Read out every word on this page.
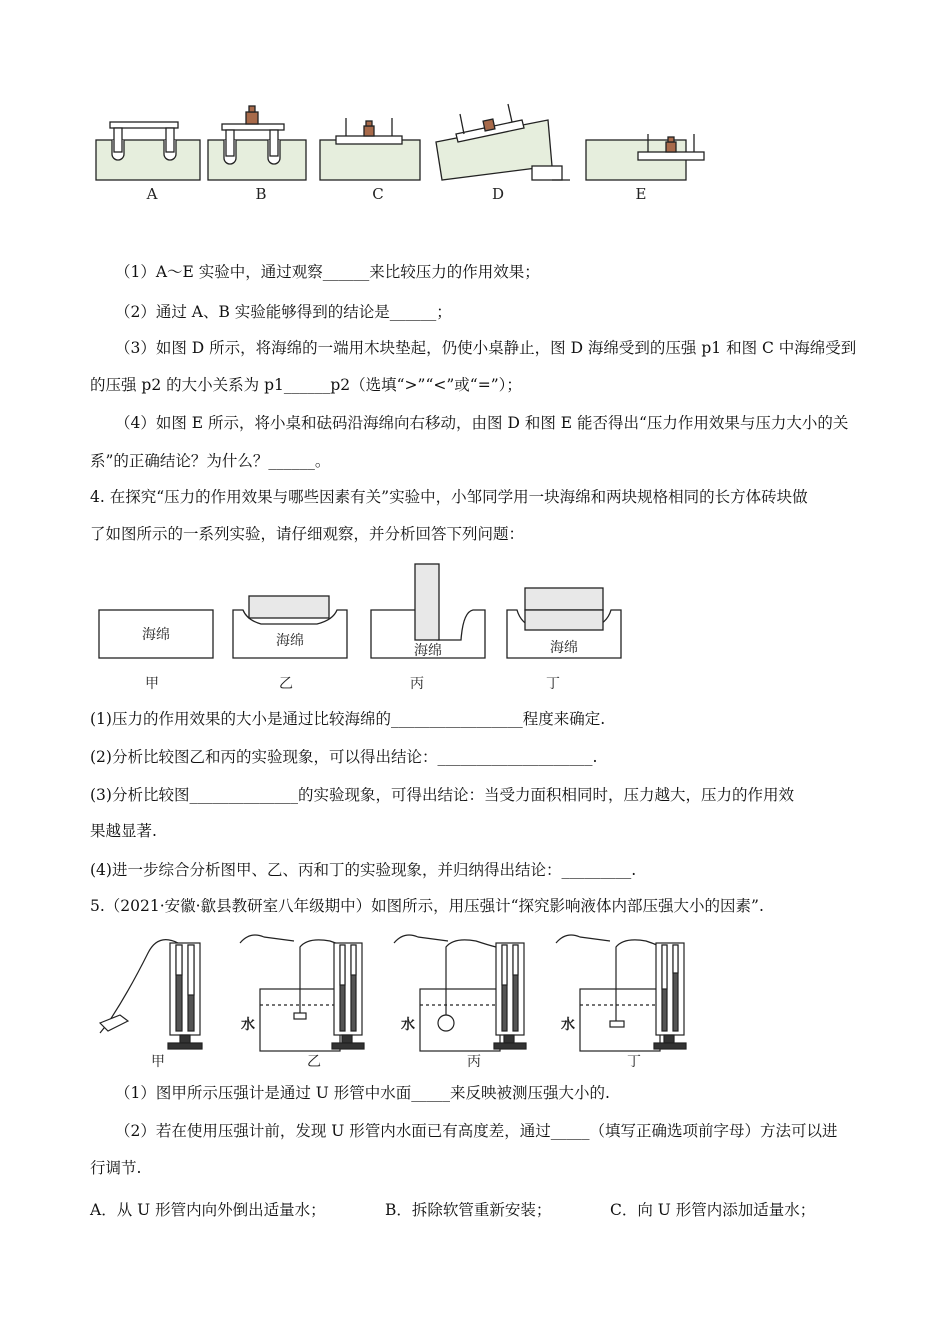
A	B	C	D	E
（1）A～E 实验中，通过观察______来比较压力的作用效果；
（2）通过 A、B 实验能够得到的结论是______；
（3）如图 D 所示，将海绵的一端用木块垫起，仍使小桌静止，图 D 海绵受到的压强 p1 和图 C 中海绵受到
的压强 p2 的大小关系为 p1______p2（选填“>”“<”或“=”）；
（4）如图 E 所示，将小桌和砝码沿海绵向右移动，由图 D 和图 E 能否得出“压力作用效果与压力大小的关
系”的正确结论？为什么？______。
4. 在探究“压力的作用效果与哪些因素有关”实验中，小邹同学用一块海绵和两块规格相同的长方体砖块做
了如图所示的一系列实验，请仔细观察，并分析回答下列问题：
海绵	海绵
海绵	海绵
甲	乙	丙	丁
(1)压力的作用效果的大小是通过比较海绵的_________________程度来确定.
(2)分析比较图乙和丙的实验现象，可以得出结论：____________________.
(3)分析比较图______________的实验现象，可得出结论：当受力面积相同时，压力越大，压力的作用效
果越显著.
(4)进一步综合分析图甲、乙、丙和丁的实验现象，并归纳得出结论：_________.
5.（2021·安徽·歙县教研室八年级期中）如图所示，用压强计“探究影响液体内部压强大小的因素”.
水	水	水
甲	乙	丙	丁
（1）图甲所示压强计是通过 U 形管中水面_____来反映被测压强大小的.
（2）若在使用压强计前，发现 U 形管内水面已有高度差，通过_____（填写正确选项前字母）方法可以进
行调节.
A．从 U 形管内向外倒出适量水；	B．拆除软管重新安装；	C．向 U 形管内添加适量水；
